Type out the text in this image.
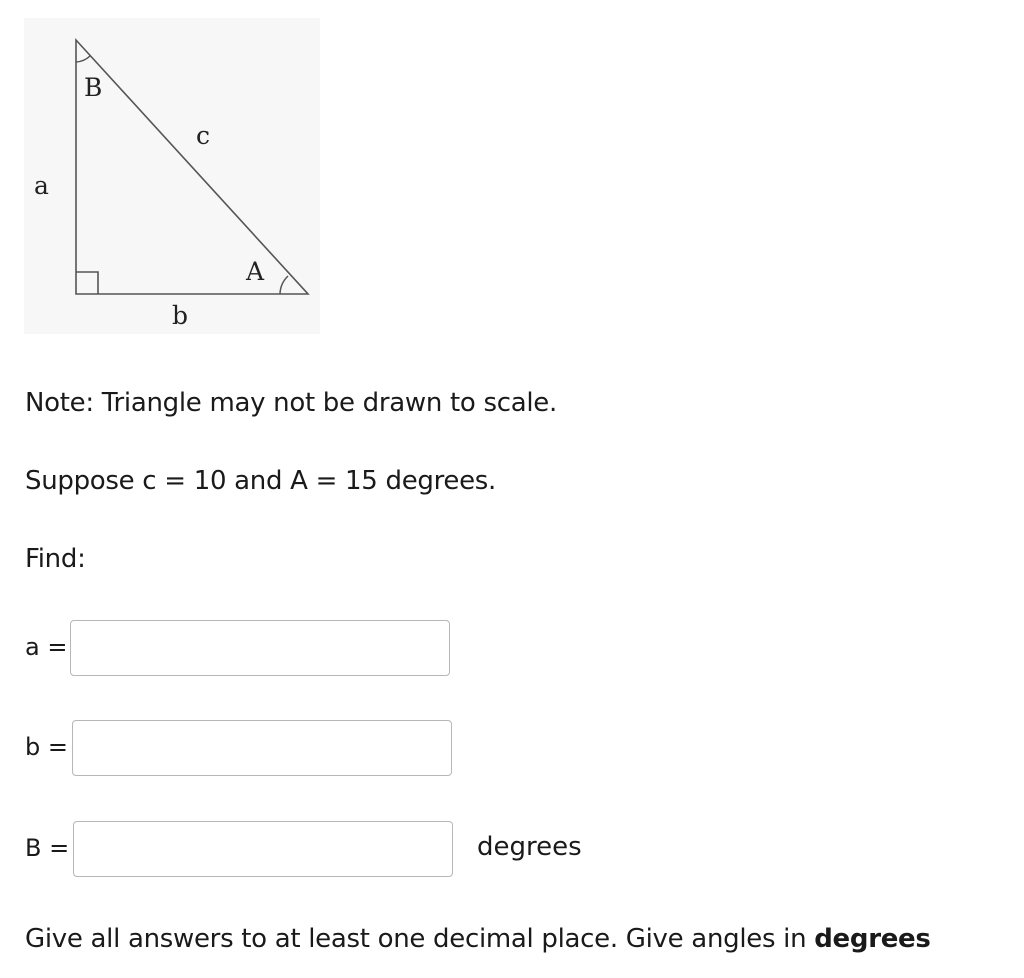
B
c
a
A
b

Note: Triangle may not be drawn to scale.

Suppose c = 10 and A = 15 degrees.

Find:

a =
b =
B =	degrees

Give all answers to at least one decimal place. Give angles in degrees
